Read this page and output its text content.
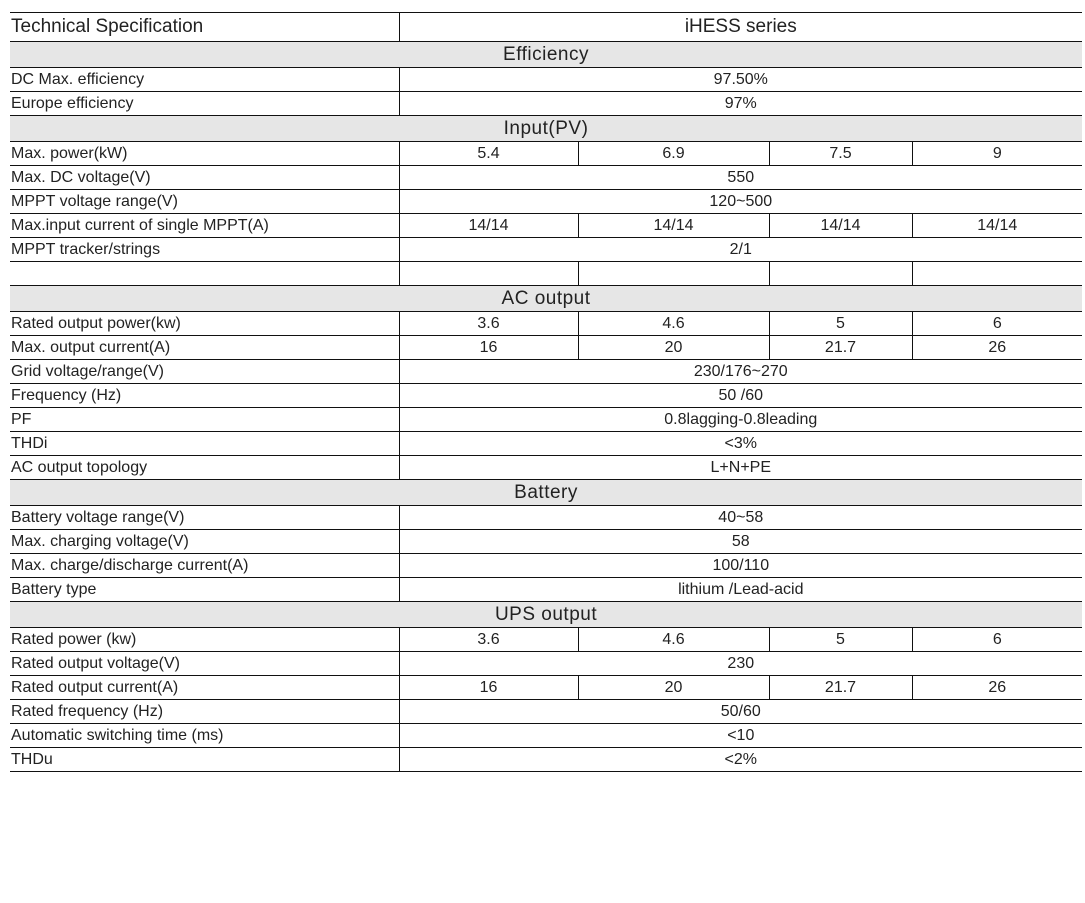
Technical Specification	iHESS series			
Efficiency				
DC Max. efficiency	97.50%			
Europe efficiency	97%			
Input(PV)				
Max. power(kW)	5.4	6.9	7.5	9
Max. DC voltage(V)	550			
MPPT voltage range(V)	120~500			
Max.input current of single MPPT(A)	14/14	14/14	14/14	14/14
MPPT tracker/strings	2/1			

AC output				
Rated output power(kw)	3.6	4.6	5	6
Max. output current(A)	16	20	21.7	26
Grid voltage/range(V)	230/176~270			
Frequency (Hz)	50 /60			
PF	0.8lagging-0.8leading			
THDi	<3%			
AC output topology	L+N+PE			
Battery				
Battery voltage range(V)	40~58			
Max. charging voltage(V)	58			
Max. charge/discharge current(A)	100/110			
Battery type	lithium /Lead-acid			
UPS output				
Rated power (kw)	3.6	4.6	5	6
Rated output voltage(V)	230			
Rated output current(A)	16	20	21.7	26
Rated frequency (Hz)	50/60			
Automatic switching time (ms)	<10			
THDu	<2%			
